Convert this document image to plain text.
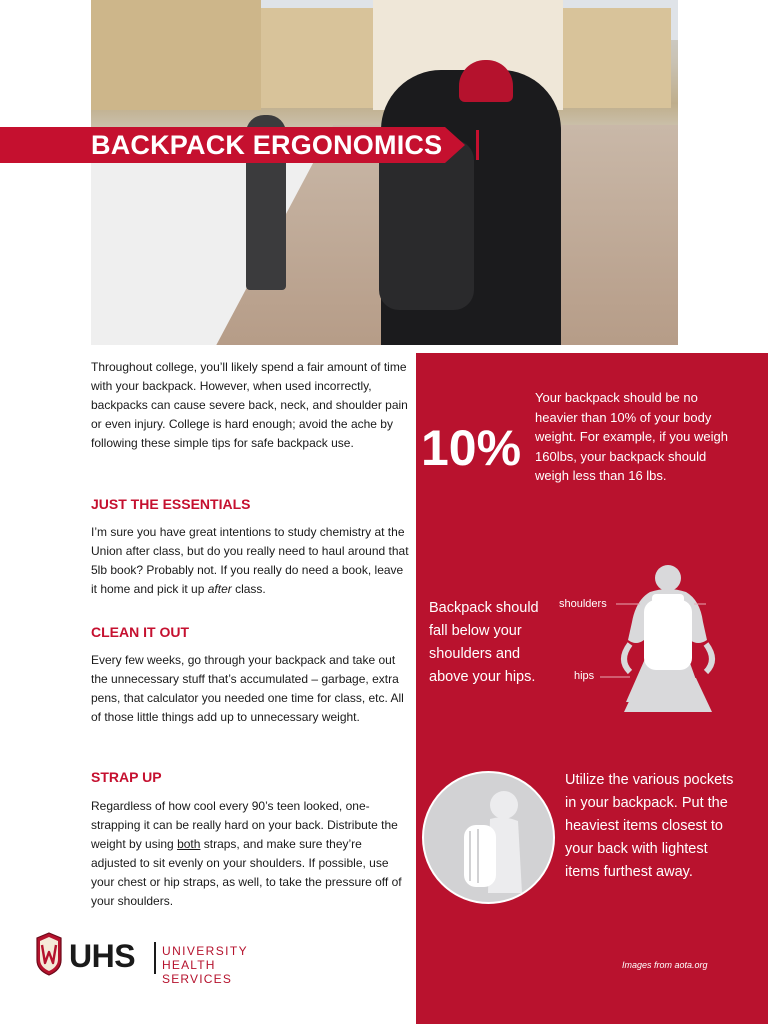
BACKPACK ERGONOMICS

Throughout college, you’ll likely spend a fair amount of time with your backpack. However, when used incorrectly, backpacks can cause severe back, neck, and shoulder pain or even injury. College is hard enough; avoid the ache by following these simple tips for safe backpack use.

JUST THE ESSENTIALS

I’m sure you have great intentions to study chemistry at the Union after class, but do you really need to haul around that 5lb book? Probably not. If you really do need a book, leave it home and pick it up after class.

CLEAN IT OUT

Every few weeks, go through your backpack and take out the unnecessary stuff that’s accumulated – garbage, extra pens, that calculator you needed one time for class, etc. All of those little things add up to unnecessary weight.

STRAP UP

Regardless of how cool every 90’s teen looked, one-strapping it can be really hard on your back. Distribute the weight by using both straps, and make sure they’re adjusted to sit evenly on your shoulders. If possible, use your chest or hip straps, as well, to take the pressure off of your shoulders.

UHS UNIVERSITY
HEALTH SERVICES
10%

Your backpack should be no heavier than 10% of your body weight. For example, if you weigh 160lbs, your backpack should weigh less than 16 lbs.

Backpack should fall below your shoulders and above your hips.

shoulders
hips

Utilize the various pockets in your backpack. Put the heaviest items closest to your back with lightest items furthest away.

Images from aota.org
